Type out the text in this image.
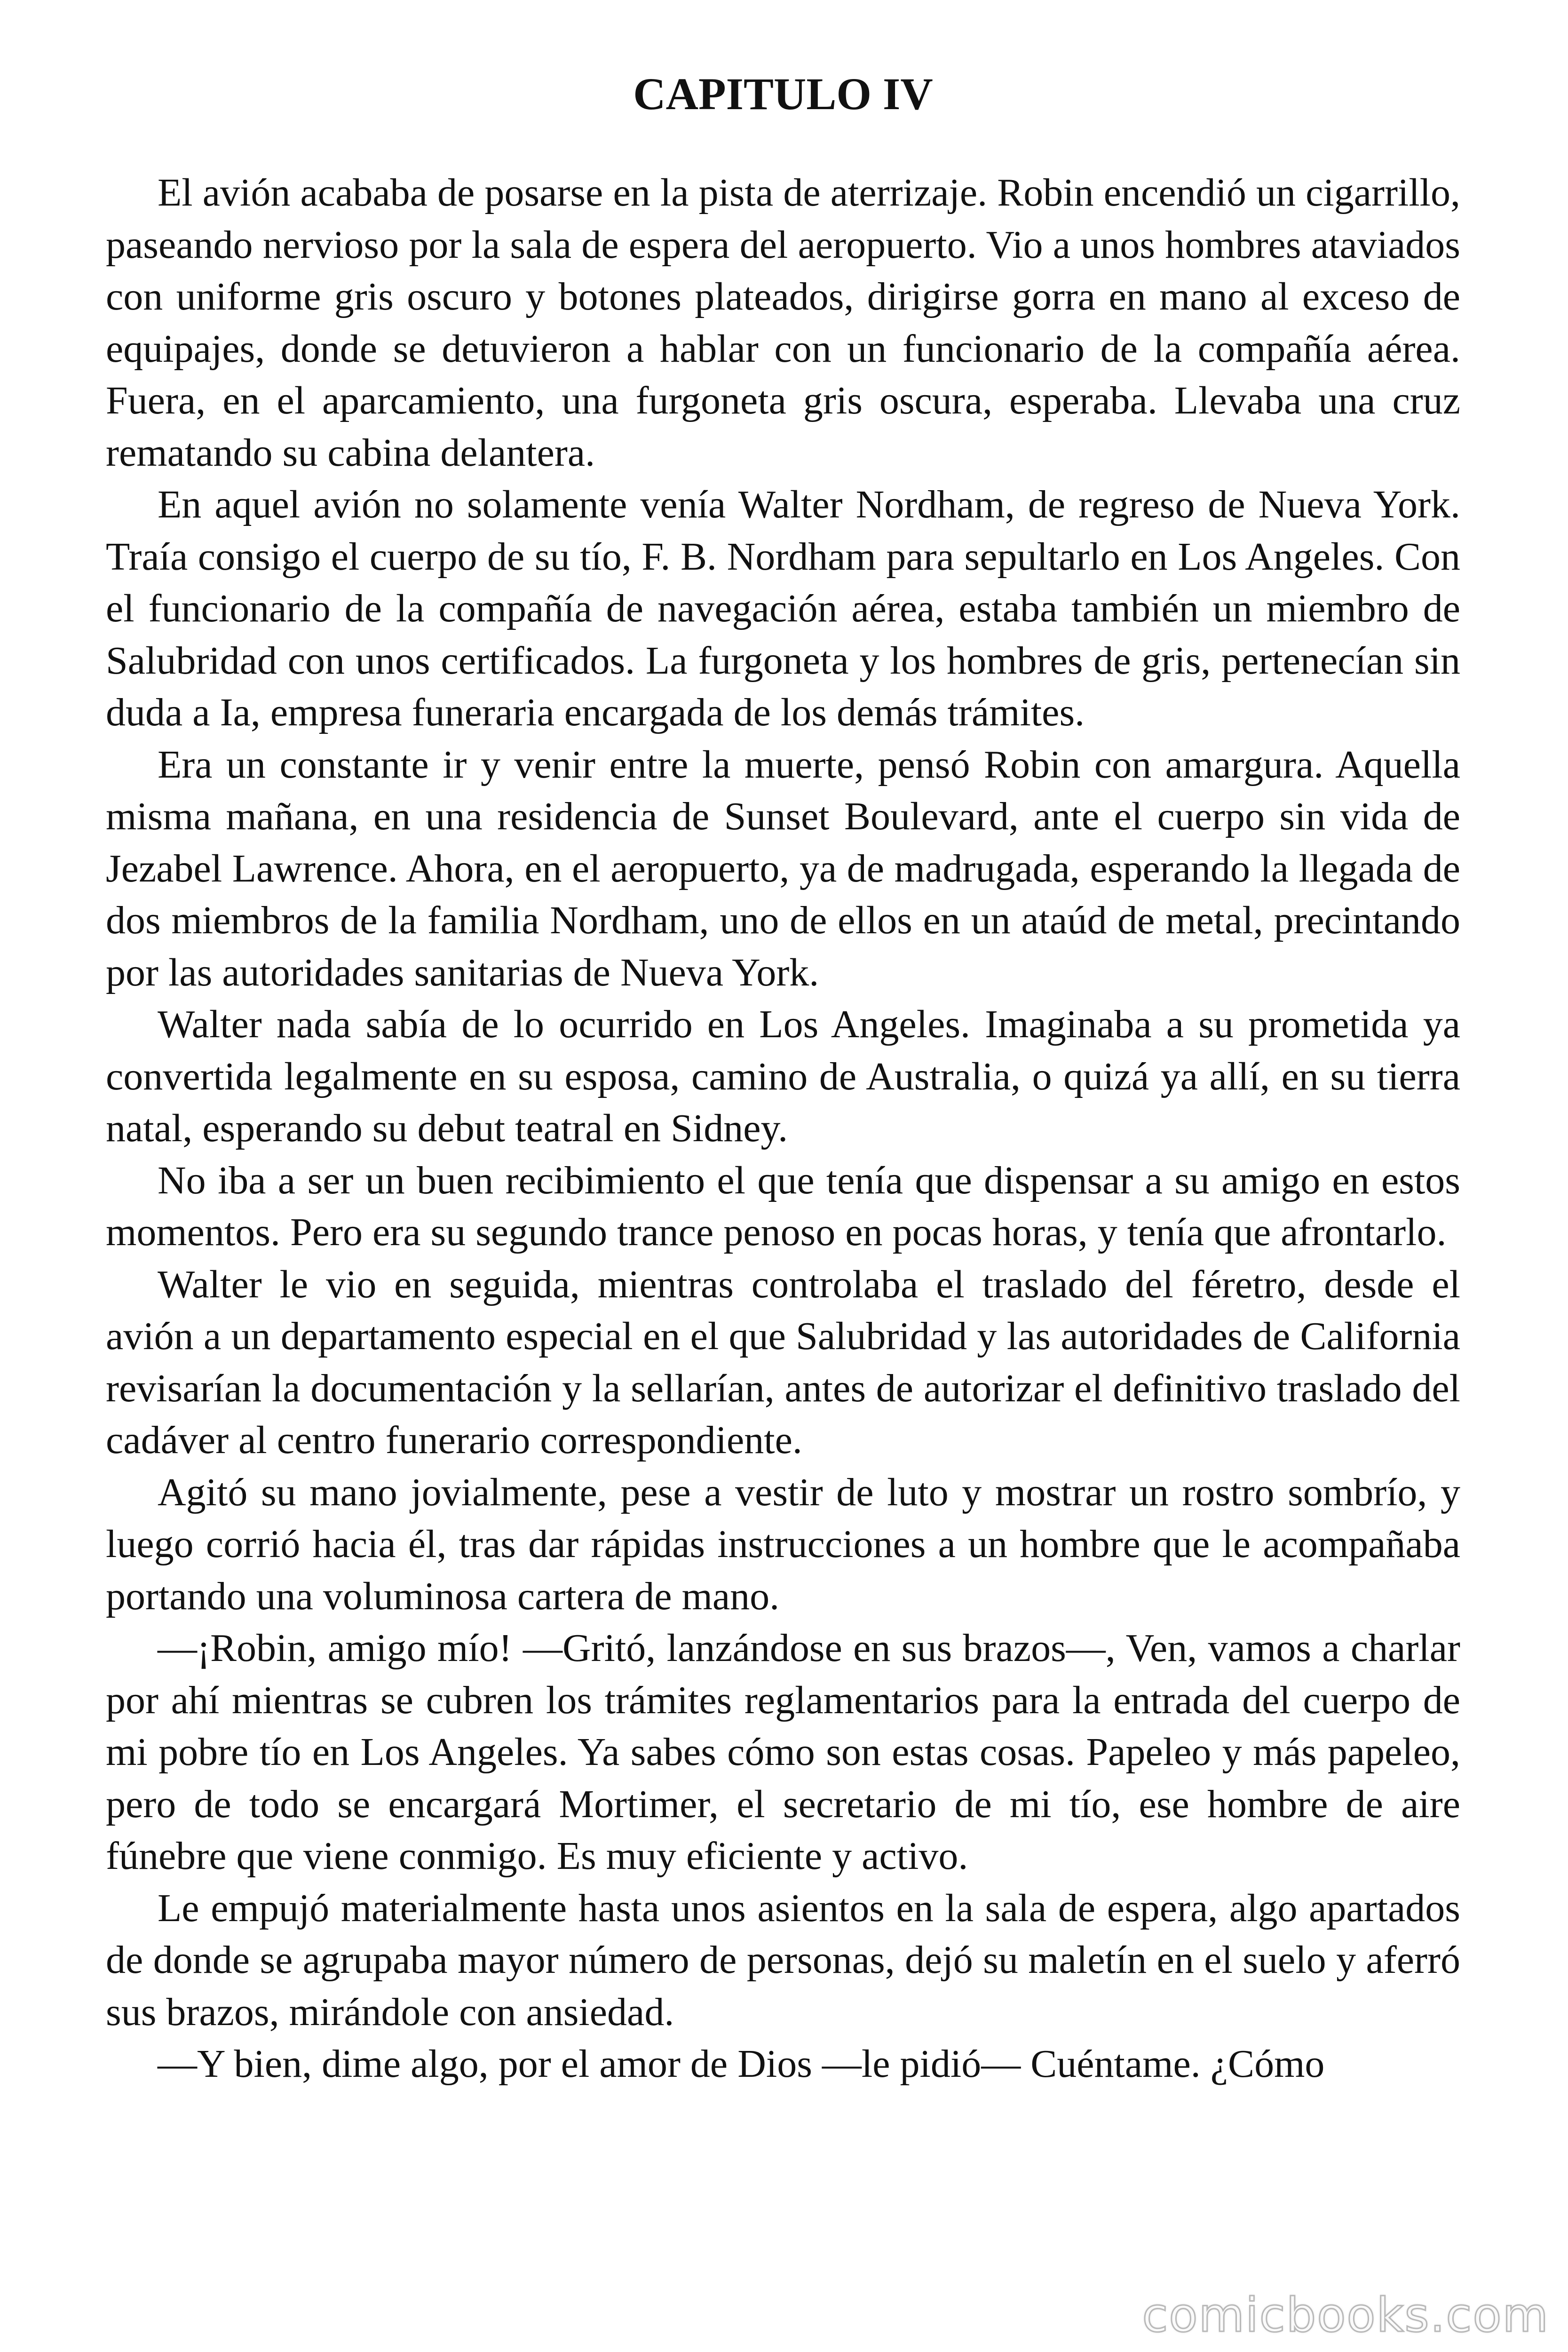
CAPITULO IV

El avión acababa de posarse en la pista de aterrizaje. Robin encendió un cigarrillo, paseando nervioso por la sala de espera del aeropuerto. Vio a unos hombres ataviados con uniforme gris oscuro y botones plateados, dirigirse gorra en mano al exceso de equipajes, donde se detuvieron a hablar con un funcionario de la compañía aérea. Fuera, en el aparcamiento, una furgoneta gris oscura, esperaba. Llevaba una cruz rematando su cabina delantera.

En aquel avión no solamente venía Walter Nordham, de regreso de Nueva York. Traía consigo el cuerpo de su tío, F. B. Nordham para sepultarlo en Los Angeles. Con el funcionario de la compañía de navegación aérea, estaba también un miembro de Salubridad con unos certificados. La furgoneta y los hombres de gris, pertenecían sin duda a Ia, empresa funeraria encargada de los demás trámites.

Era un constante ir y venir entre la muerte, pensó Robin con amargura. Aquella misma mañana, en una residencia de Sunset Boulevard, ante el cuerpo sin vida de Jezabel Lawrence. Ahora, en el aeropuerto, ya de madrugada, esperando la llegada de dos miembros de la familia Nordham, uno de ellos en un ataúd de metal, precintando por las autoridades sanitarias de Nueva York.

Walter nada sabía de lo ocurrido en Los Angeles. Imaginaba a su prometida ya convertida legalmente en su esposa, camino de Australia, o quizá ya allí, en su tierra natal, esperando su debut teatral en Sidney.

No iba a ser un buen recibimiento el que tenía que dispensar a su amigo en estos momentos. Pero era su segundo trance penoso en pocas horas, y tenía que afrontarlo.

Walter le vio en seguida, mientras controlaba el traslado del féretro, desde el avión a un departamento especial en el que Salubridad y las autoridades de California revisarían la documentación y la sellarían, antes de autorizar el definitivo traslado del cadáver al centro funerario correspondiente.

Agitó su mano jovialmente, pese a vestir de luto y mostrar un rostro sombrío, y luego corrió hacia él, tras dar rápidas instrucciones a un hombre que le acompañaba portando una voluminosa cartera de mano.

—¡Robin, amigo mío! —Gritó, lanzándose en sus brazos—, Ven, vamos a charlar por ahí mientras se cubren los trámites reglamentarios para la entrada del cuerpo de mi pobre tío en Los Angeles. Ya sabes cómo son estas cosas. Papeleo y más papeleo, pero de todo se encargará Mortimer, el secretario de mi tío, ese hombre de aire fúnebre que viene conmigo. Es muy eficiente y activo.

Le empujó materialmente hasta unos asientos en la sala de espera, algo apartados de donde se agrupaba mayor número de personas, dejó su maletín en el suelo y aferró sus brazos, mirándole con ansiedad.

—Y bien, dime algo, por el amor de Dios —le pidió— Cuéntame. ¿Cómo

comicbooks.com
